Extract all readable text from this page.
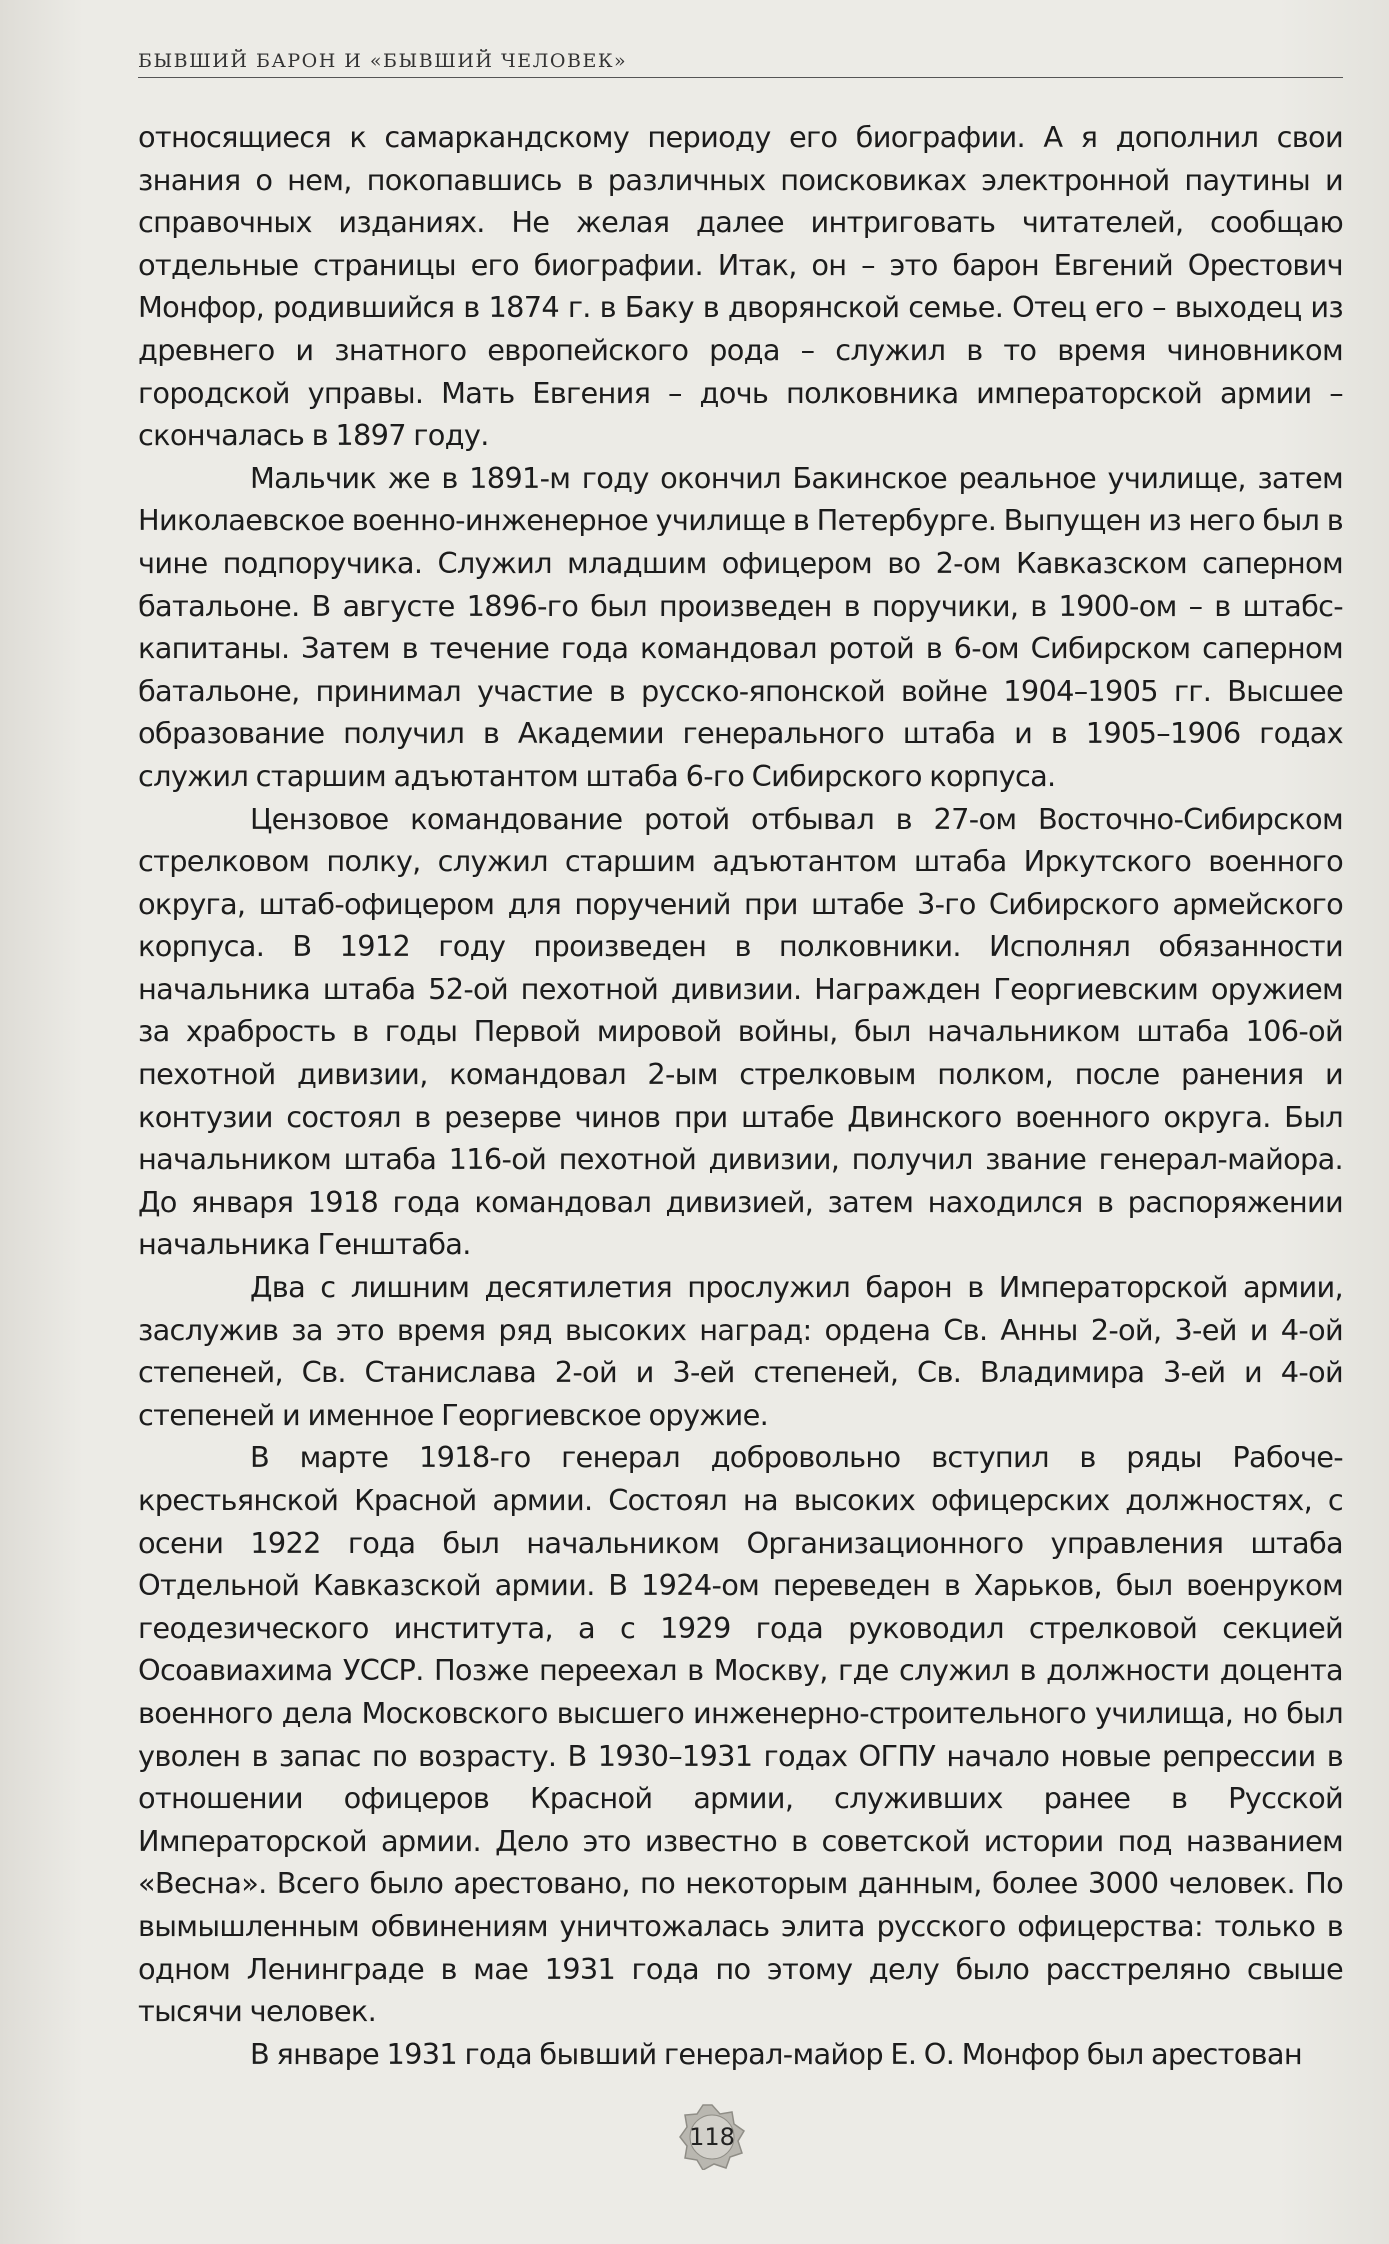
БЫВШИЙ БАРОН И «БЫВШИЙ ЧЕЛОВЕК»

относящиеся к самаркандскому периоду его биографии. А я дополнил свои знания о нем, покопавшись в различных поисковиках электронной паутины и справочных изданиях. Не желая далее интриговать читателей, сообщаю отдельные страницы его биографии. Итак, он – это барон Евгений Орестович Монфор, родившийся в 1874 г. в Баку в дворянской семье. Отец его – выходец из древнего и знатного европейского рода – служил в то время чиновником городской управы. Мать Евгения – дочь полковника императорской армии – скончалась в 1897 году.

Мальчик же в 1891-м году окончил Бакинское реальное училище, затем Николаевское военно-инженерное училище в Петербурге. Выпущен из него был в чине подпоручика. Служил младшим офицером во 2-ом Кавказском саперном батальоне. В августе 1896-го был произведен в поручики, в 1900-ом – в штабс-капитаны. Затем в течение года командовал ротой в 6-ом Сибирском саперном батальоне, принимал участие в русско-японской войне 1904–1905 гг. Высшее образование получил в Академии генерального штаба и в 1905–1906 годах служил старшим адъютантом штаба 6-го Сибирского корпуса.

Цензовое командование ротой отбывал в 27-ом Восточно-Сибирском стрелковом полку, служил старшим адъютантом штаба Иркутского военного округа, штаб-офицером для поручений при штабе 3-го Сибирского армейского корпуса. В 1912 году произведен в полковники. Исполнял обязанности начальника штаба 52-ой пехотной дивизии. Награжден Георгиевским оружием за храбрость в годы Первой мировой войны, был начальником штаба 106-ой пехотной дивизии, командовал 2-ым стрелковым полком, после ранения и контузии состоял в резерве чинов при штабе Двинского военного округа. Был начальником штаба 116-ой пехотной дивизии, получил звание генерал-майора. До января 1918 года командовал дивизией, затем находился в распоряжении начальника Генштаба.

Два с лишним десятилетия прослужил барон в Императорской армии, заслужив за это время ряд высоких наград: ордена Св. Анны 2-ой, 3-ей и 4-ой степеней, Св. Станислава 2-ой и 3-ей степеней, Св. Владимира 3-ей и 4-ой степеней и именное Георгиевское оружие.

В марте 1918-го генерал добровольно вступил в ряды Рабоче-крестьянской Красной армии. Состоял на высоких офицерских должностях, с осени 1922 года был начальником Организационного управления штаба Отдельной Кавказской армии. В 1924-ом переведен в Харьков, был военруком геодезического института, а с 1929 года руководил стрелковой секцией Осоавиахима УССР. Позже переехал в Москву, где служил в должности доцента военного дела Московского высшего инженерно-строительного училища, но был уволен в запас по возрасту. В 1930–1931 годах ОГПУ начало новые репрессии в отношении офицеров Красной армии, служивших ранее в Русской Императорской армии. Дело это известно в советской истории под названием «Весна». Всего было арестовано, по некоторым данным, более 3000 человек. По вымышленным обвинениям уничтожалась элита русского офицерства: только в одном Ленинграде в мае 1931 года по этому делу было расстреляно свыше тысячи человек.

В январе 1931 года бывший генерал-майор Е. О. Монфор был арестован

118
